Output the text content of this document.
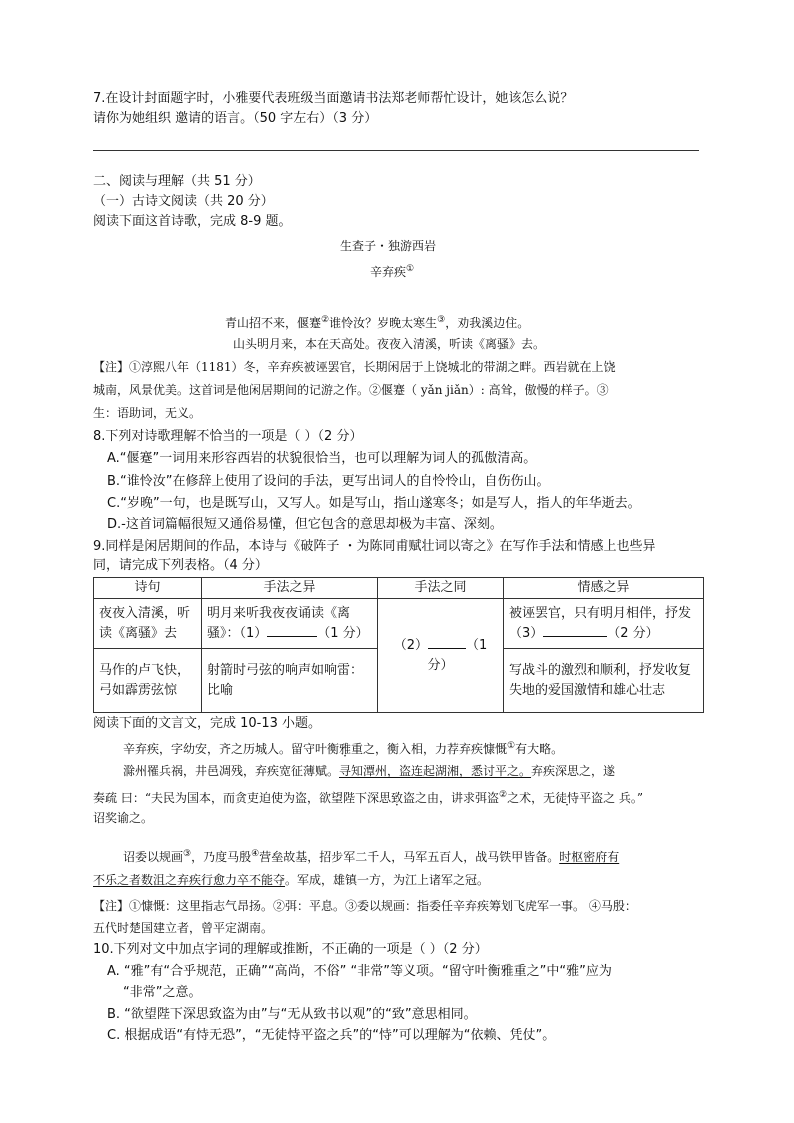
7.在设计封面题字时，小雅要代表班级当面邀请书法郑老师帮忙设计，她该怎么说？
请你为她组织 邀请的语言。（50 字左右）（3 分）
二、阅读与理解（共 51 分）
（一）古诗文阅读（共 20 分）
阅读下面这首诗歌，完成 8-9 题。
生查子・独游西岩
辛弃疾①
青山招不来，偃蹇②谁怜汝？岁晚太寒生③，劝我溪边住。
山头明月来，本在天高处。夜夜入清溪，听读《离骚》去。
【注】①淳熙八年（1181）冬，辛弃疾被诬罢官，长期闲居于上饶城北的带湖之畔。西岩就在上饶
城南，风景优美。这首词是他闲居期间的记游之作。②偃蹇（ yǎn jiǎn）: 高耸，傲慢的样子。③
生：语助词，无义。
8.下列对诗歌理解不恰当的一项是（ ）（2 分）
A.“偃蹇”一词用来形容西岩的状貌很恰当，也可以理解为词人的孤傲清高。
B.“谁怜汝”在修辞上使用了设问的手法，更写出词人的自怜怜山，自伤伤山。
C.“岁晚”一句，也是既写山，又写人。如是写山，指山遂寒冬；如是写人，指人的年华逝去。
D.-这首词篇幅很短又通俗易懂，但它包含的意思却极为丰富、深刻。
9.同样是闲居期间的作品，本诗与《破阵子 ・为陈同甫赋壮词以寄之》在写作手法和情感上也些异
同，请完成下列表格。（4 分）
诗句	手法之异	手法之同	情感之异
夜夜入清溪，听读《离骚》去	明月来听我夜夜诵读《离骚》：（1） （1 分）	（2） （1 分）	被诬罢官，只有明月相伴，抒发（3） （2 分）
马作的卢飞快，弓如霹雳弦惊	射箭时弓弦的响声如响雷：比喻		写战斗的激烈和顺利，抒发收复失地的爱国激情和雄心壮志
阅读下面的文言文，完成 10-13 小题。
辛弃疾，字幼安，齐之历城人。留守叶衡雅重之，衡入相，力荐弃疾慷慨①有大略。
滁州罹兵祸，井邑凋残，弃疾宽征薄赋。寻知潭州，盗连起湖湘，悉讨平之。弃疾深思之，遂
奏疏 曰：“夫民为国本，而贪吏迫使为盗，欲望陛下深思致盗之由，讲求弭盗②之术，无徒恃平盗之 兵。”
诏奖谕之。
诏委以规画③，乃度马殷④营垒故基，招步军二千人，马军五百人，战马铁甲皆备。时枢密府有
不乐之者数沮之弃疾行愈力卒不能夺。军成，雄镇一方，为江上诸军之冠。
【注】①慷慨：这里指志气昂扬。②弭：平息。③委以规画：指委任辛弃疾筹划飞虎军一事。 ④马殷：
五代时楚国建立者，曾平定湖南。
10.下列对文中加点字词的理解或推断，不正确的一项是（ ）（2 分）
A. “雅”有“合乎规范，正确”“高尚，不俗” “非常”等义项。“留守叶衡雅重之”中“雅”应为
“非常”之意。
B. “欲望陛下深思致盗为由”与“无从致书以观”的“致”意思相同。
C. 根据成语“有恃无恐”，“无徒恃平盗之兵”的“恃”可以理解为“依赖、凭仗”。
